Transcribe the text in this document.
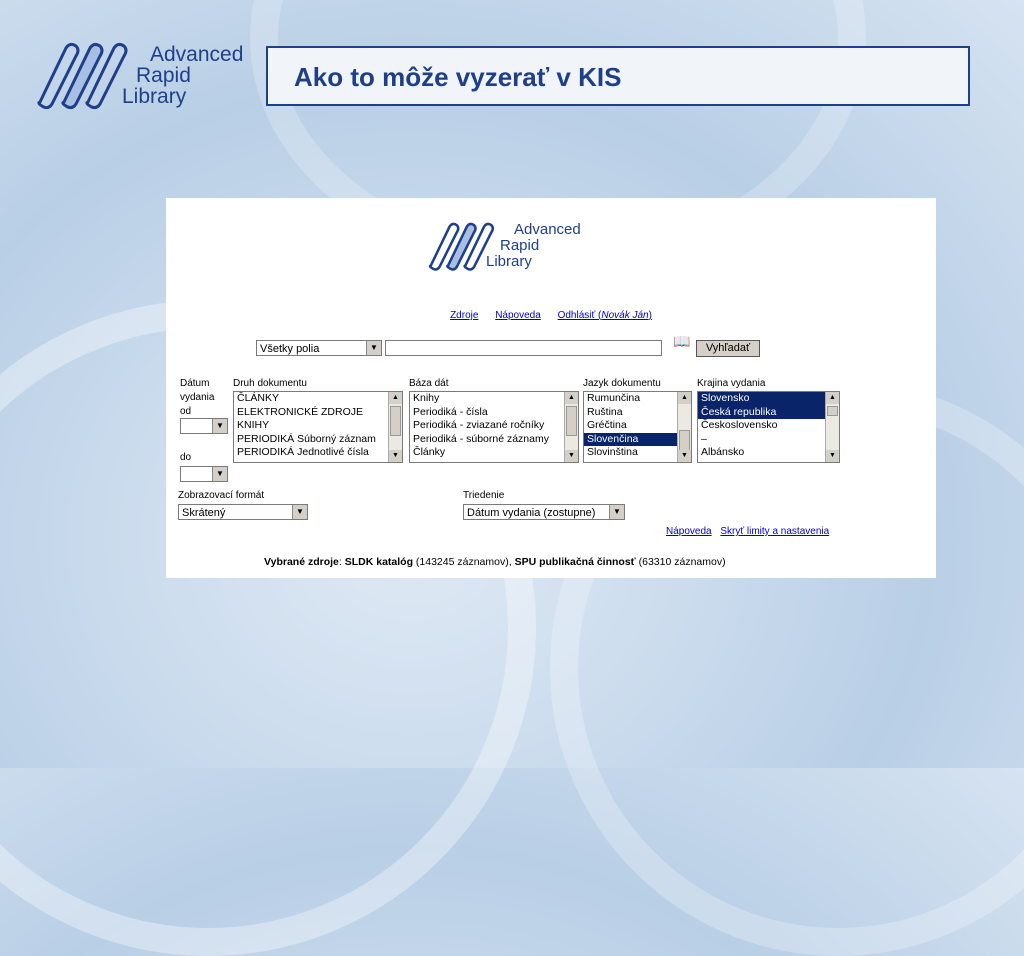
Advanced
Rapid
Library
Ako to môže vyzerať v KIS
Advanced
Rapid
Library
Zdroje Nápoveda Odhlásiť (Novák Ján)
Všetky polia	▼	📖	Vyhľadať
Dátum
vydania
od
▼
do
▼
Druh dokumentu
ČLÁNKY
ELEKTRONICKÉ ZDROJE
KNIHY
PERIODIKÁ Súborný záznam
PERIODIKÁ Jednotlivé čísla
▲
▼
Báza dát
Knihy
Periodiká - čísla
Periodiká - zviazané ročníky
Periodiká - súborné záznamy
Články
▲
▼
Jazyk dokumentu
Rumunčina
Ruština
Gréčtina
Slovenčina
Slovinština
▲
▼
Krajina vydania
Slovensko
Česká republika
Československo
–
Albánsko
▲
▼
Zobrazovací formát
Skrátený	▼
Triedenie
Dátum vydania (zostupne)	▼
Nápoveda Skryť limity a nastavenia
Vybrané zdroje: SLDK katalóg (143245 záznamov), SPU publikačná činnosť (63310 záznamov)
